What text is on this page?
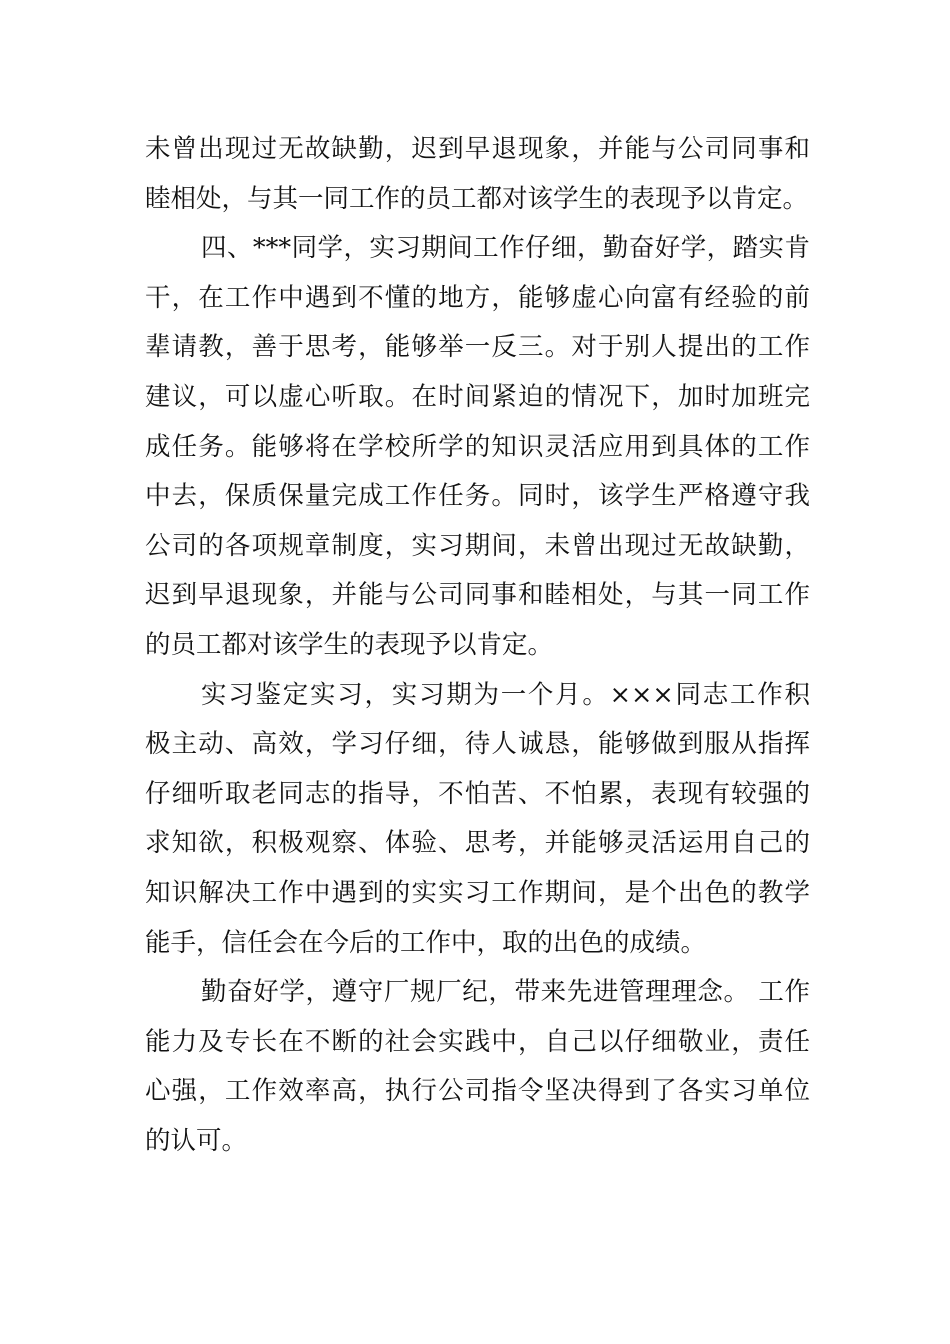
未曾出现过无故缺勤，迟到早退现象，并能与公司同事和
睦相处，与其一同工作的员工都对该学生的表现予以肯定。
四、***同学，实习期间工作仔细，勤奋好学，踏实肯
干，在工作中遇到不懂的地方，能够虚心向富有经验的前
辈请教，善于思考，能够举一反三。对于别人提出的工作
建议，可以虚心听取。在时间紧迫的情况下，加时加班完
成任务。能够将在学校所学的知识灵活应用到具体的工作
中去，保质保量完成工作任务。同时，该学生严格遵守我
公司的各项规章制度，实习期间，未曾出现过无故缺勤，
迟到早退现象，并能与公司同事和睦相处，与其一同工作
的员工都对该学生的表现予以肯定。
实习鉴定实习，实习期为一个月。×××同志工作积
极主动、高效，学习仔细，待人诚恳，能够做到服从指挥
仔细听取老同志的指导，不怕苦、不怕累，表现有较强的
求知欲，积极观察、体验、思考，并能够灵活运用自己的
知识解决工作中遇到的实实习工作期间，是个出色的教学
能手，信任会在今后的工作中，取的出色的成绩。
勤奋好学，遵守厂规厂纪，带来先进管理理念。 工作
能力及专长在不断的社会实践中，自己以仔细敬业，责任
心强，工作效率高，执行公司指令坚决得到了各实习单位
的认可。
